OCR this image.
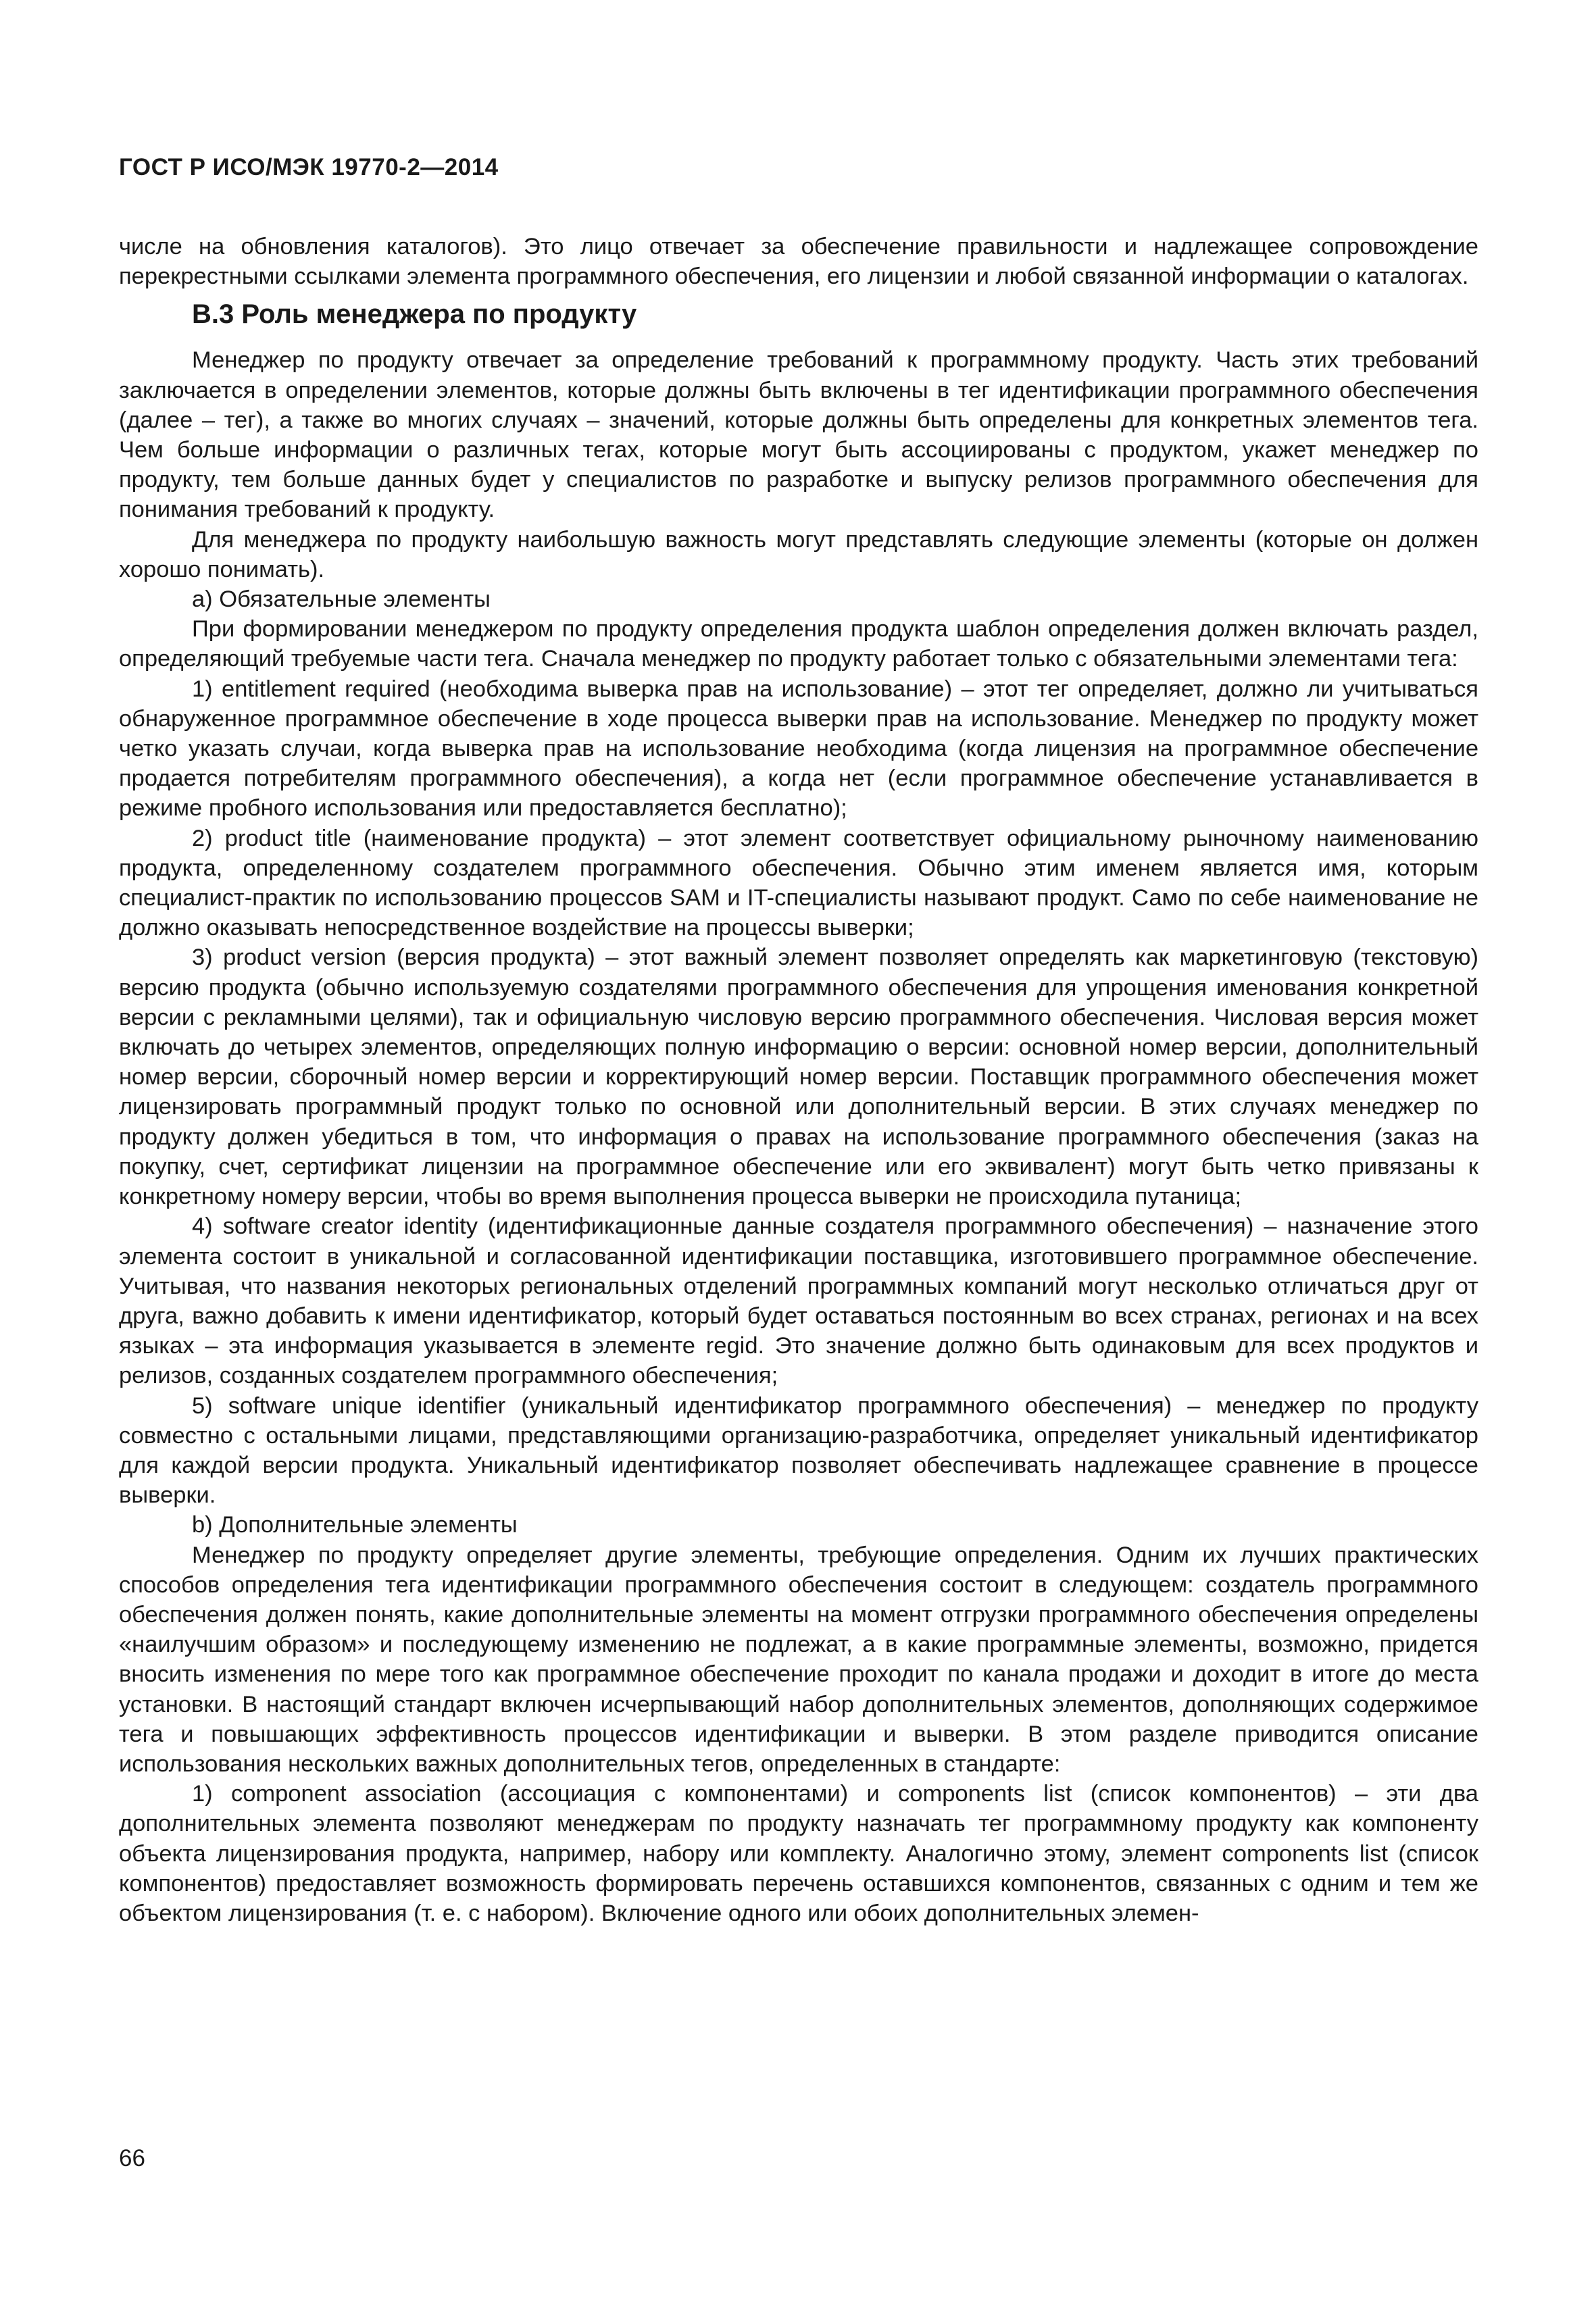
ГОСТ Р ИСО/МЭК 19770-2—2014

числе на обновления каталогов). Это лицо отвечает за обеспечение правильности и надлежащее сопровождение перекрестными ссылками элемента программного обеспечения, его лицензии и любой связанной информации о каталогах.

В.3 Роль менеджера по продукту

Менеджер по продукту отвечает за определение требований к программному продукту. Часть этих требований заключается в определении элементов, которые должны быть включены в тег идентификации программного обеспечения (далее – тег), а также во многих случаях – значений, которые должны быть определены для конкретных элементов тега. Чем больше информации о различных тегах, которые могут быть ассоциированы с продуктом, укажет менеджер по продукту, тем больше данных будет у специалистов по разработке и выпуску релизов программного обеспечения для понимания требований к продукту.

Для менеджера по продукту наибольшую важность могут представлять следующие элементы (которые он должен хорошо понимать).

a) Обязательные элементы

При формировании менеджером по продукту определения продукта шаблон определения должен включать раздел, определяющий требуемые части тега. Сначала менеджер по продукту работает только с обязательными элементами тега:

1) entitlement required (необходима выверка прав на использование) – этот тег определяет, должно ли учитываться обнаруженное программное обеспечение в ходе процесса выверки прав на использование. Менеджер по продукту может четко указать случаи, когда выверка прав на использование необходима (когда лицензия на программное обеспечение продается потребителям программного обеспечения), а когда нет (если программное обеспечение устанавливается в режиме пробного использования или предоставляется бесплатно);

2) product title (наименование продукта) – этот элемент соответствует официальному рыночному наименованию продукта, определенному создателем программного обеспечения. Обычно этим именем является имя, которым специалист-практик по использованию процессов SAM и IT-специалисты называют продукт. Само по себе наименование не должно оказывать непосредственное воздействие на процессы выверки;

3) product version (версия продукта) – этот важный элемент позволяет определять как маркетинговую (текстовую) версию продукта (обычно используемую создателями программного обеспечения для упрощения именования конкретной версии с рекламными целями), так и официальную числовую версию программного обеспечения. Числовая версия может включать до четырех элементов, определяющих полную информацию о версии: основной номер версии, дополнительный номер версии, сборочный номер версии и корректирующий номер версии. Поставщик программного обеспечения может лицензировать программный продукт только по основной или дополнительный версии. В этих случаях менеджер по продукту должен убедиться в том, что информация о правах на использование программного обеспечения (заказ на покупку, счет, сертификат лицензии на программное обеспечение или его эквивалент) могут быть четко привязаны к конкретному номеру версии, чтобы во время выполнения процесса выверки не происходила путаница;

4) software creator identity (идентификационные данные создателя программного обеспечения) – назначение этого элемента состоит в уникальной и согласованной идентификации поставщика, изготовившего программное обеспечение. Учитывая, что названия некоторых региональных отделений программных компаний могут несколько отличаться друг от друга, важно добавить к имени идентификатор, который будет оставаться постоянным во всех странах, регионах и на всех языках – эта информация указывается в элементе regid. Это значение должно быть одинаковым для всех продуктов и релизов, созданных создателем программного обеспечения;

5) software unique identifier (уникальный идентификатор программного обеспечения) – менеджер по продукту совместно с остальными лицами, представляющими организацию-разработчика, определяет уникальный идентификатор для каждой версии продукта. Уникальный идентификатор позволяет обеспечивать надлежащее сравнение в процессе выверки.

b) Дополнительные элементы

Менеджер по продукту определяет другие элементы, требующие определения. Одним их лучших практических способов определения тега идентификации программного обеспечения состоит в следующем: создатель программного обеспечения должен понять, какие дополнительные элементы на момент отгрузки программного обеспечения определены «наилучшим образом» и последующему изменению не подлежат, а в какие программные элементы, возможно, придется вносить изменения по мере того как программное обеспечение проходит по канала продажи и доходит в итоге до места установки. В настоящий стандарт включен исчерпывающий набор дополнительных элементов, дополняющих содержимое тега и повышающих эффективность процессов идентификации и выверки. В этом разделе приводится описание использования нескольких важных дополнительных тегов, определенных в стандарте:

1) component association (ассоциация с компонентами) и components list (список компонентов) – эти два дополнительных элемента позволяют менеджерам по продукту назначать тег программному продукту как компоненту объекта лицензирования продукта, например, набору или комплекту. Аналогично этому, элемент components list (список компонентов) предоставляет возможность формировать перечень оставшихся компонентов, связанных с одним и тем же объектом лицензирования (т. е. с набором). Включение одного или обоих дополнительных элемен-

66
